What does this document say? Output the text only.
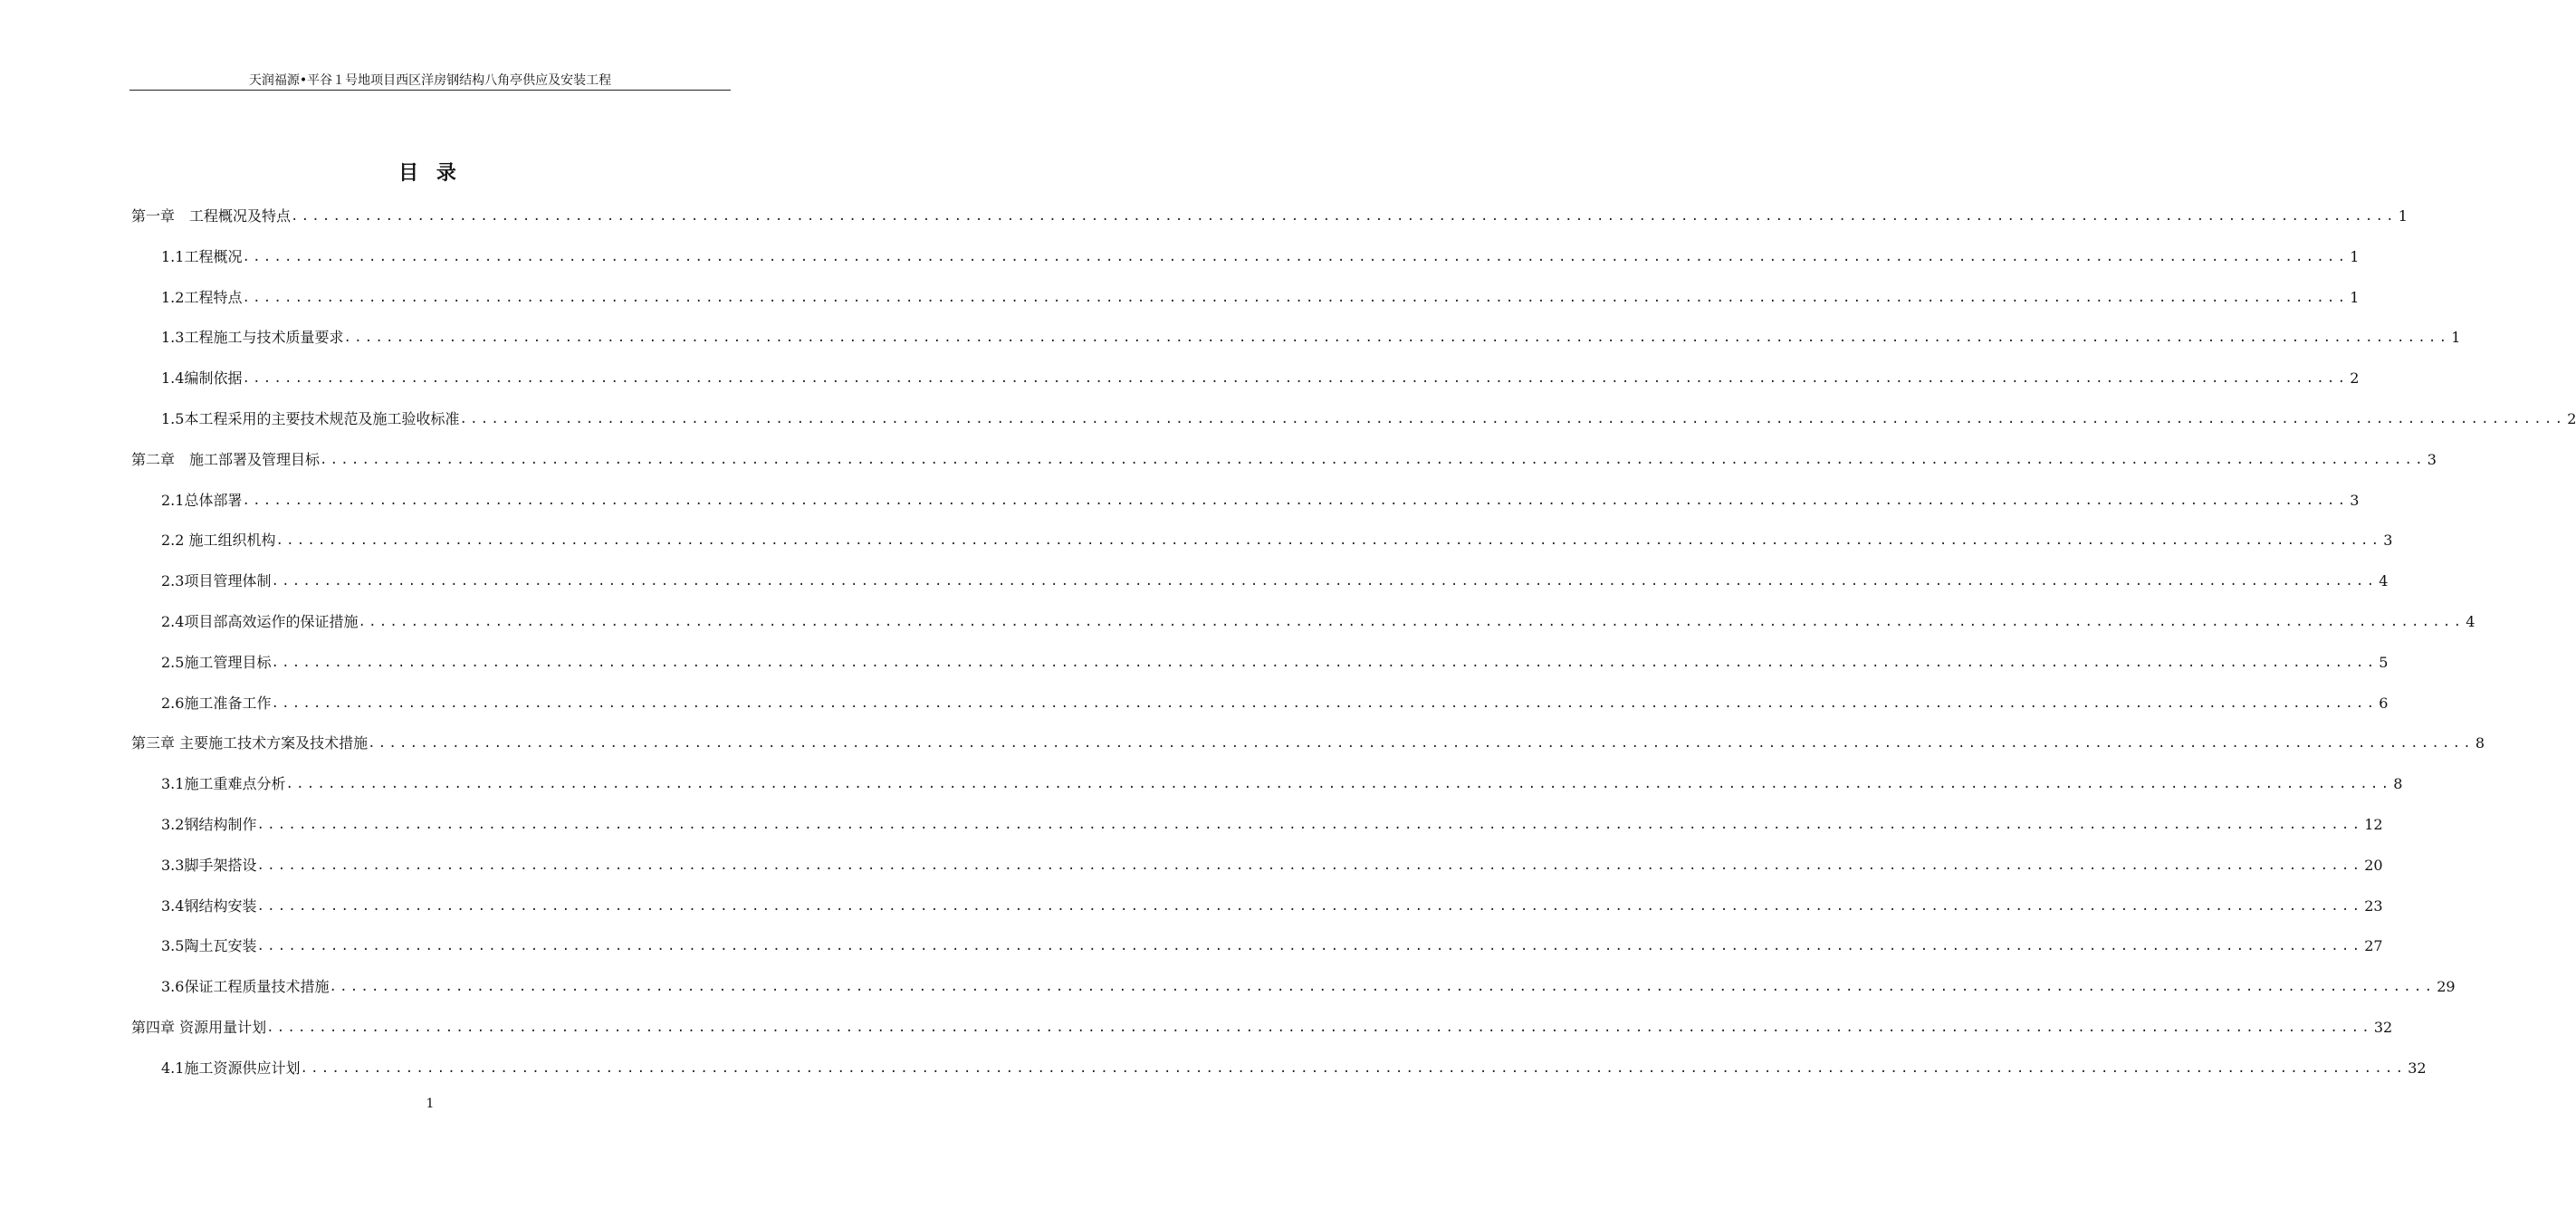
天润福源•平谷１号地项目西区洋房钢结构八角亭供应及安装工程
目 录
第一章　工程概况及特点 ........................................................................................................................................................................................................ 1
1.1工程概况 ........................................................................................................................................................................................................ 1
1.2工程特点 ........................................................................................................................................................................................................ 1
1.3工程施工与技术质量要求 ........................................................................................................................................................................................................ 1
1.4编制依据 ........................................................................................................................................................................................................ 2
1.5本工程采用的主要技术规范及施工验收标准 ........................................................................................................................................................................................................ 2
第二章　施工部署及管理目标 ........................................................................................................................................................................................................ 3
2.1总体部署 ........................................................................................................................................................................................................ 3
2.2 施工组织机构 ........................................................................................................................................................................................................ 3
2.3项目管理体制 ........................................................................................................................................................................................................ 4
2.4项目部高效运作的保证措施 ........................................................................................................................................................................................................ 4
2.5施工管理目标 ........................................................................................................................................................................................................ 5
2.6施工准备工作 ........................................................................................................................................................................................................ 6
第三章 主要施工技术方案及技术措施 ........................................................................................................................................................................................................ 8
3.1施工重难点分析 ........................................................................................................................................................................................................ 8
3.2钢结构制作 ........................................................................................................................................................................................................ 12
3.3脚手架搭设 ........................................................................................................................................................................................................ 20
3.4钢结构安装 ........................................................................................................................................................................................................ 23
3.5陶土瓦安装 ........................................................................................................................................................................................................ 27
3.6保证工程质量技术措施 ........................................................................................................................................................................................................ 29
第四章 资源用量计划 ........................................................................................................................................................................................................ 32
4.1施工资源供应计划 ........................................................................................................................................................................................................ 32
1
